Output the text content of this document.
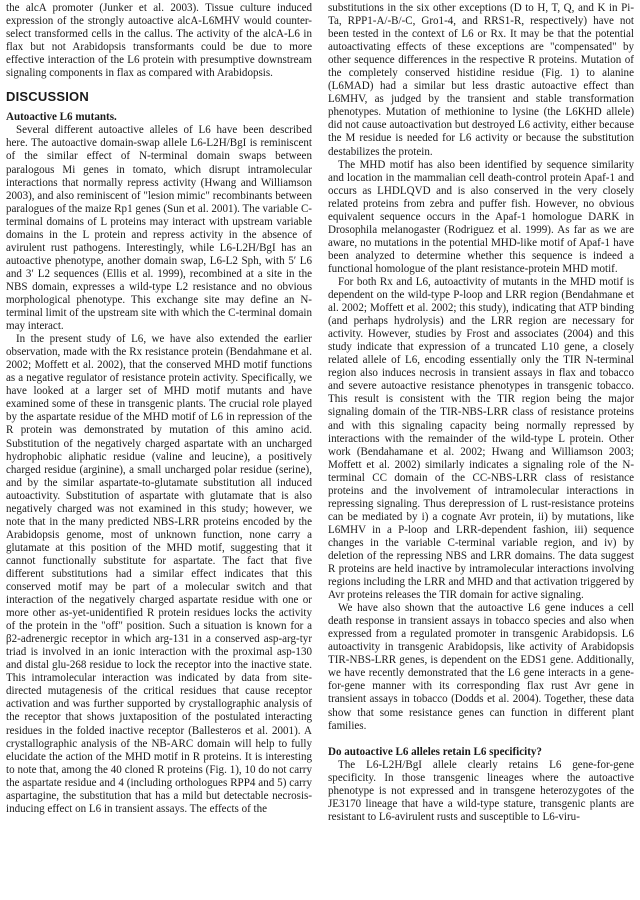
the alcA promoter (Junker et al. 2003). Tissue culture induced expression of the strongly autoactive alcA-L6MHV would counter-select transformed cells in the callus. The activity of the alcA-L6 in flax but not Arabidopsis transformants could be due to more effective interaction of the L6 protein with presumptive downstream signaling components in flax as compared with Arabidopsis.

DISCUSSION
Autoactive L6 mutants.

Several different autoactive alleles of L6 have been described here. The autoactive domain-swap allele L6-L2H/BgI is reminiscent of the similar effect of N-terminal domain swaps between paralogous Mi genes in tomato, which disrupt intramolecular interactions that normally repress activity (Hwang and Williamson 2003), and also reminiscent of "lesion mimic" recombinants between paralogues of the maize Rp1 genes (Sun et al. 2001). The variable C-terminal domains of L proteins may interact with upstream variable domains in the L protein and repress activity in the absence of avirulent rust pathogens. Interestingly, while L6-L2H/BgI has an autoactive phenotype, another domain swap, L6-L2 Sph, with 5′ L6 and 3′ L2 sequences (Ellis et al. 1999), recombined at a site in the NBS domain, expresses a wild-type L2 resistance and no obvious morphological phenotype. This exchange site may define an N-terminal limit of the upstream site with which the C-terminal domain may interact.

In the present study of L6, we have also extended the earlier observation, made with the Rx resistance protein (Bendahmane et al. 2002; Moffett et al. 2002), that the conserved MHD motif functions as a negative regulator of resistance protein activity. Specifically, we have looked at a larger set of MHD motif mutants and have examined some of these in transgenic plants. The crucial role played by the aspartate residue of the MHD motif of L6 in repression of the R protein was demonstrated by mutation of this amino acid. Substitution of the negatively charged aspartate with an uncharged hydrophobic aliphatic residue (valine and leucine), a positively charged residue (arginine), a small uncharged polar residue (serine), and by the similar aspartate-to-glutamate substitution all induced autoactivity. Substitution of aspartate with glutamate that is also negatively charged was not examined in this study; however, we note that in the many predicted NBS-LRR proteins encoded by the Arabidopsis genome, most of unknown function, none carry a glutamate at this position of the MHD motif, suggesting that it cannot functionally substitute for aspartate. The fact that five different substitutions had a similar effect indicates that this conserved motif may be part of a molecular switch and that interaction of the negatively charged aspartate residue with one or more other as-yet-unidentified R protein residues locks the activity of the protein in the "off" position. Such a situation is known for a β2-adrenergic receptor in which arg-131 in a conserved asp-arg-tyr triad is involved in an ionic interaction with the proximal asp-130 and distal glu-268 residue to lock the receptor into the inactive state. This intramolecular interaction was indicated by data from site-directed mutagenesis of the critical residues that cause receptor activation and was further supported by crystallographic analysis of the receptor that shows juxtaposition of the postulated interacting residues in the folded inactive receptor (Ballesteros et al. 2001). A crystallographic analysis of the NB-ARC domain will help to fully elucidate the action of the MHD motif in R proteins. It is interesting to note that, among the 40 cloned R proteins (Fig. 1), 10 do not carry the aspartate residue and 4 (including orthologues RPP4 and 5) carry aspartagine, the substitution that has a mild but detectable necrosis-inducing effect on L6 in transient assays. The effects of the

substitutions in the six other exceptions (D to H, T, Q, and K in Pi-Ta, RPP1-A/-B/-C, Gro1-4, and RRS1-R, respectively) have not been tested in the context of L6 or Rx. It may be that the potential autoactivating effects of these exceptions are "compensated" by other sequence differences in the respective R proteins. Mutation of the completely conserved histidine residue (Fig. 1) to alanine (L6MAD) had a similar but less drastic autoactive effect than L6MHV, as judged by the transient and stable transformation phenotypes. Mutation of methionine to lysine (the L6KHD allele) did not cause autoactivation but destroyed L6 activity, either because the M residue is needed for L6 activity or because the substitution destabilizes the protein.

The MHD motif has also been identified by sequence similarity and location in the mammalian cell death-control protein Apaf-1 and occurs as LHDLQVD and is also conserved in the very closely related proteins from zebra and puffer fish. However, no obvious equivalent sequence occurs in the Apaf-1 homologue DARK in Drosophila melanogaster (Rodriguez et al. 1999). As far as we are aware, no mutations in the potential MHD-like motif of Apaf-1 have been analyzed to determine whether this sequence is indeed a functional homologue of the plant resistance-protein MHD motif.

For both Rx and L6, autoactivity of mutants in the MHD motif is dependent on the wild-type P-loop and LRR region (Bendahmane et al. 2002; Moffett et al. 2002; this study), indicating that ATP binding (and perhaps hydrolysis) and the LRR region are necessary for activity. However, studies by Frost and associates (2004) and this study indicate that expression of a truncated L10 gene, a closely related allele of L6, encoding essentially only the TIR N-terminal region also induces necrosis in transient assays in flax and tobacco and severe autoactive resistance phenotypes in transgenic tobacco. This result is consistent with the TIR region being the major signaling domain of the TIR-NBS-LRR class of resistance proteins and with this signaling capacity being normally repressed by interactions with the remainder of the wild-type L protein. Other work (Bendahamane et al. 2002; Hwang and Williamson 2003; Moffett et al. 2002) similarly indicates a signaling role of the N-terminal CC domain of the CC-NBS-LRR class of resistance proteins and the involvement of intramolecular interactions in repressing signaling. Thus derepression of L rust-resistance proteins can be mediated by i) a cognate Avr protein, ii) by mutations, like L6MHV in a P-loop and LRR-dependent fashion, iii) sequence changes in the variable C-terminal variable region, and iv) by deletion of the repressing NBS and LRR domains. The data suggest R proteins are held inactive by intramolecular interactions involving regions including the LRR and MHD and that activation triggered by Avr proteins releases the TIR domain for active signaling.

We have also shown that the autoactive L6 gene induces a cell death response in transient assays in tobacco species and also when expressed from a regulated promoter in transgenic Arabidopsis. L6 autoactivity in transgenic Arabidopsis, like activity of Arabidopsis TIR-NBS-LRR genes, is dependent on the EDS1 gene. Additionally, we have recently demonstrated that the L6 gene interacts in a gene-for-gene manner with its corresponding flax rust Avr gene in transient assays in tobacco (Dodds et al. 2004). Together, these data show that some resistance genes can function in different plant families.

Do autoactive L6 alleles retain L6 specificity?

The L6-L2H/BgI allele clearly retains L6 gene-for-gene specificity. In those transgenic lineages where the autoactive phenotype is not expressed and in transgene heterozygotes of the JE3170 lineage that have a wild-type stature, transgenic plants are resistant to L6-avirulent rusts and susceptible to L6-viru-
